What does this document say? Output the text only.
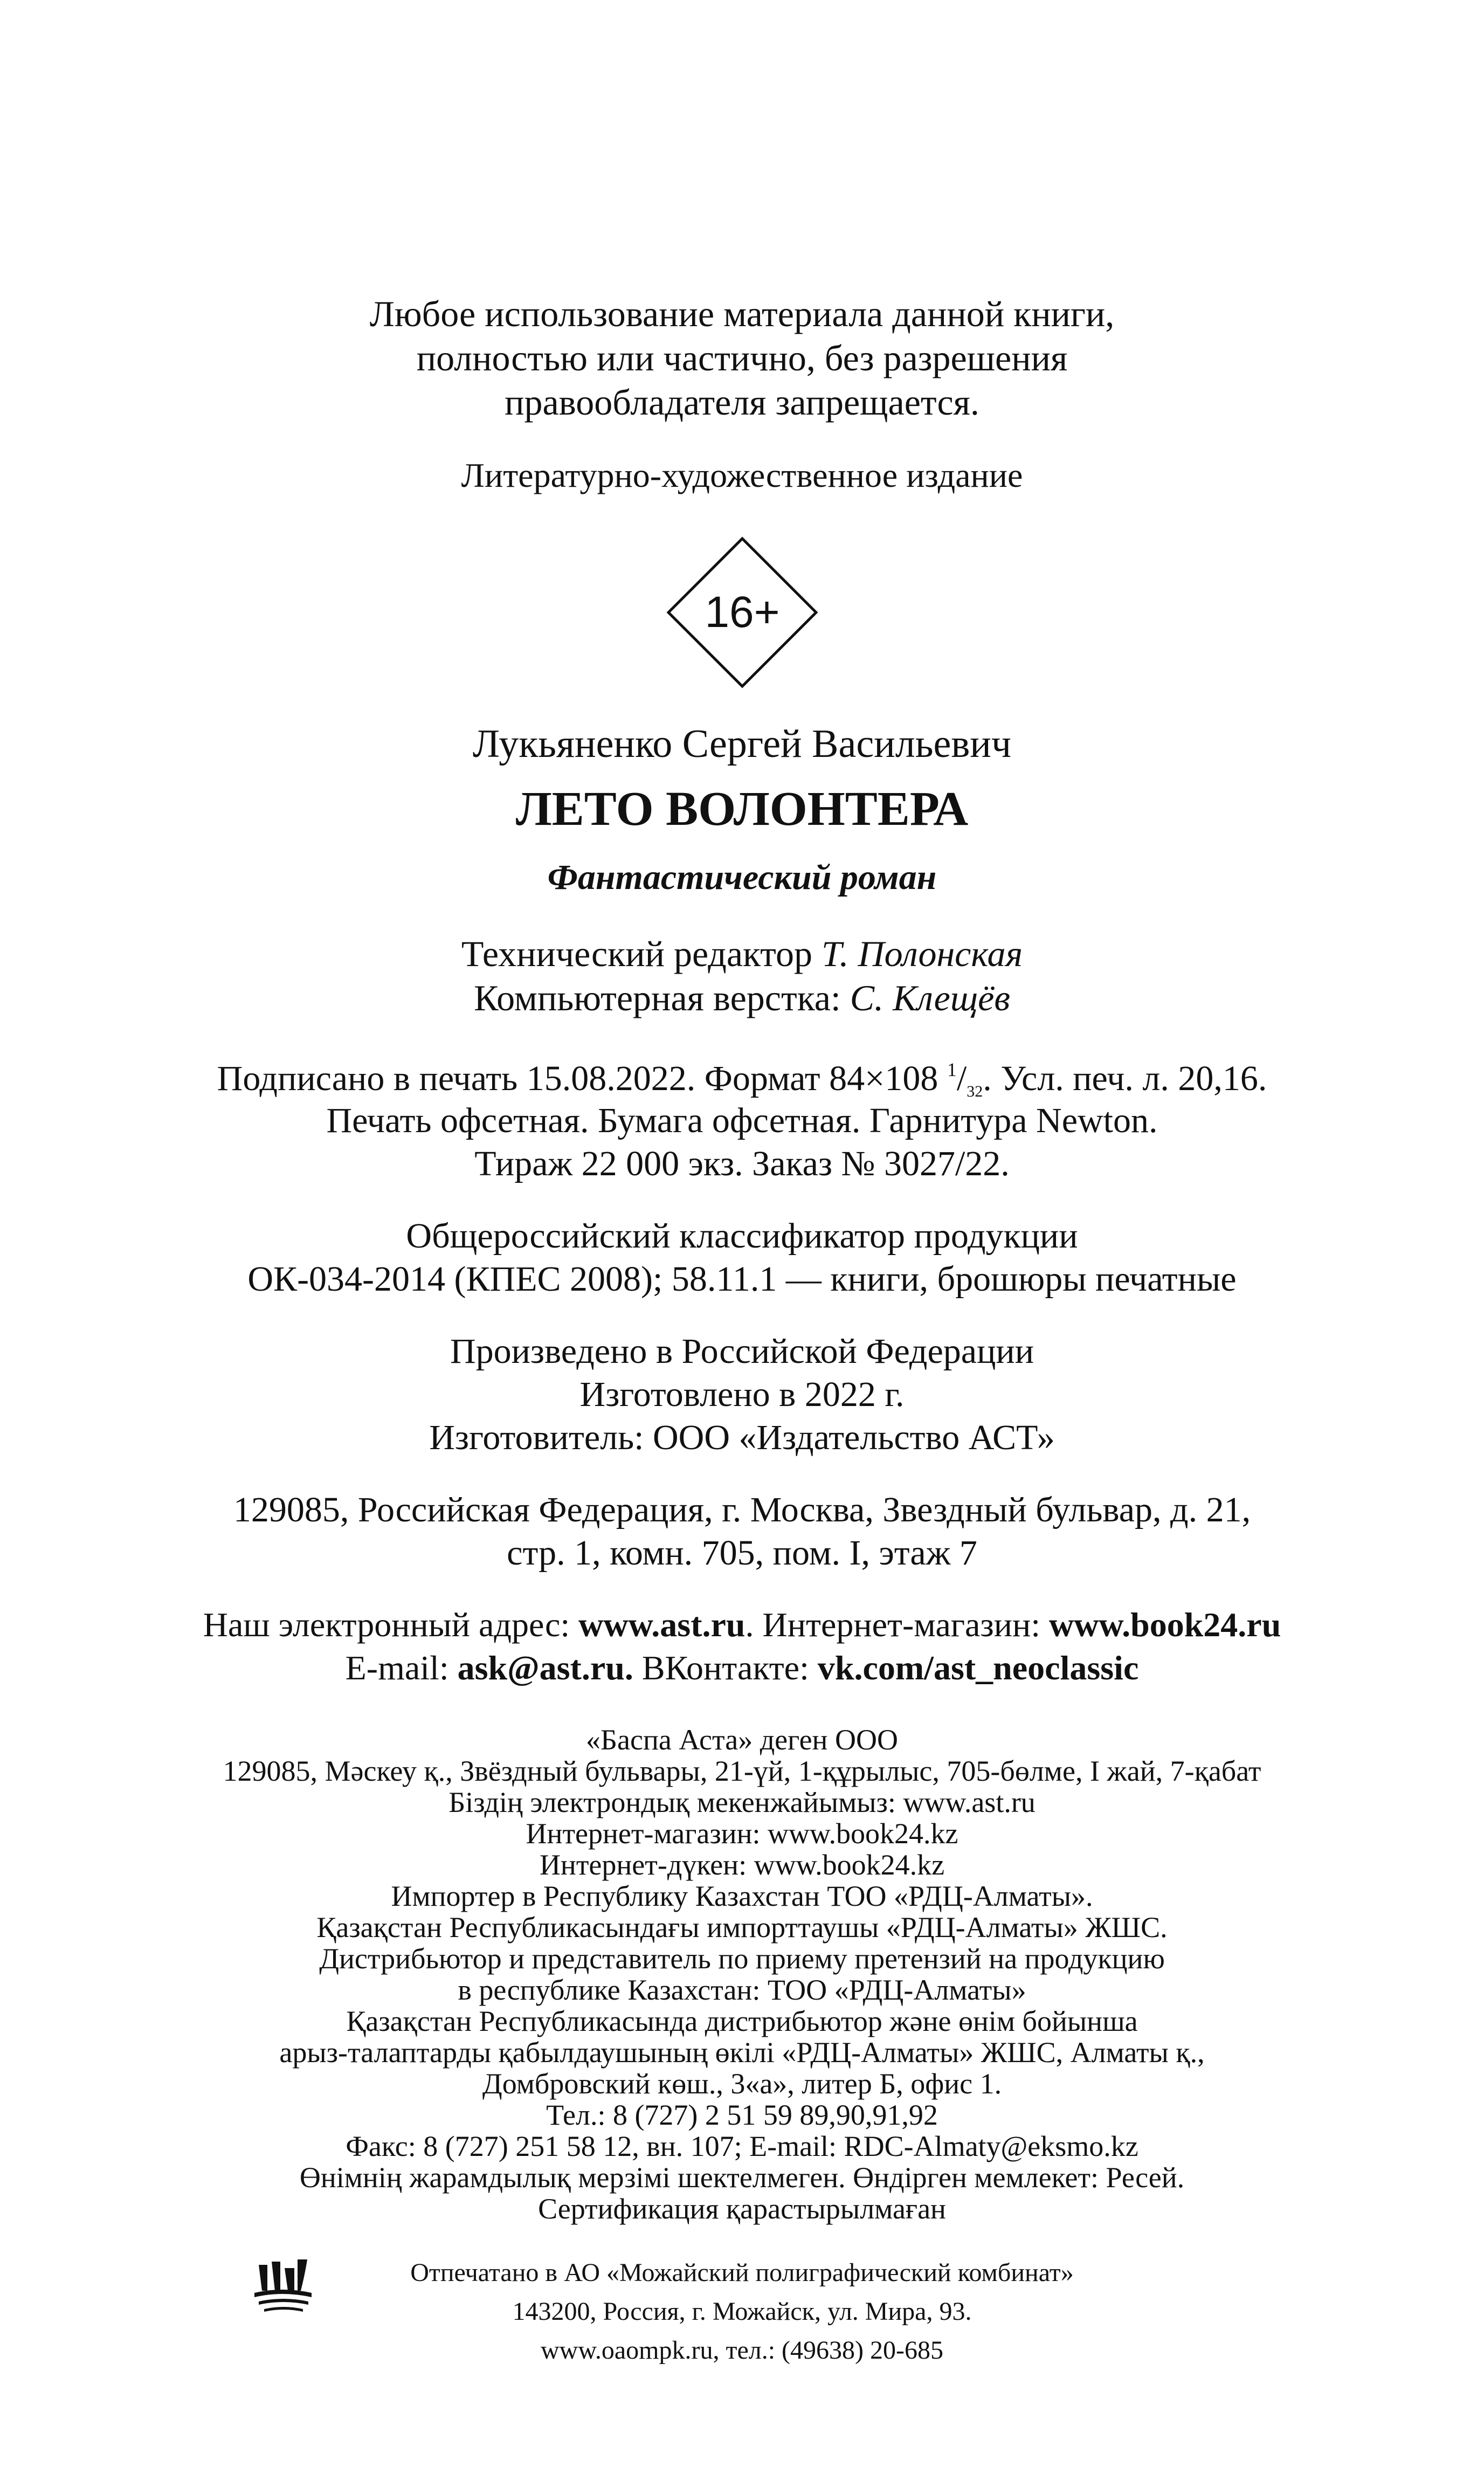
Любое использование материала данной книги,
полностью или частично, без разрешения
правообладателя запрещается.
Литературно-художественное издание
16+
Лукьяненко Сергей Васильевич
ЛЕТО ВОЛОНТЕРА
Фантастический роман
Технический редактор Т. Полонская
Компьютерная верстка: С. Клещёв
Подписано в печать 15.08.2022. Формат 84×108 $^1/_{32}$. Усл. печ. л. 20,16.
Печать офсетная. Бумага офсетная. Гарнитура Newton.
Тираж 22 000 экз. Заказ № 3027/22.
Общероссийский классификатор продукции
ОК-034-2014 (КПЕС 2008); 58.11.1 — книги, брошюры печатные
Произведено в Российской Федерации
Изготовлено в 2022 г.
Изготовитель: ООО «Издательство АСТ»
129085, Российская Федерация, г. Москва, Звездный бульвар, д. 21,
стр. 1, комн. 705, пом. I, этаж 7
Наш электронный адрес: www.ast.ru. Интернет-магазин: www.book24.ru
E-mail: ask@ast.ru. ВКонтакте: vk.com/ast_neoclassic
«Баспа Аста» деген ООО
129085, Мәскеу қ., Звёздный бульвары, 21-үй, 1-құрылыс, 705-бөлме, I жай, 7-қабат
Біздің электрондық мекенжайымыз: www.ast.ru
Интернет-магазин: www.book24.kz
Интернет-дүкен: www.book24.kz
Импортер в Республику Казахстан ТОО «РДЦ-Алматы».
Қазақстан Республикасындағы импорттаушы «РДЦ-Алматы» ЖШС.
Дистрибьютор и представитель по приему претензий на продукцию
в республике Казахстан: ТОО «РДЦ-Алматы»
Қазақстан Республикасында дистрибьютор және өнім бойынша
арыз-талаптарды қабылдаушының өкілі «РДЦ-Алматы» ЖШС, Алматы қ.,
Домбровский көш., 3«а», литер Б, офис 1.
Тел.: 8 (727) 2 51 59 89,90,91,92
Факс: 8 (727) 251 58 12, вн. 107; E-mail: RDC-Almaty@eksmo.kz
Өнімнің жарамдылық мерзімі шектелмеген. Өндірген мемлекет: Ресей.
Сертификация қарастырылмаған
Отпечатано в АО «Можайский полиграфический комбинат»
143200, Россия, г. Можайск, ул. Мира, 93.
www.oaompk.ru, тел.: (49638) 20-685
